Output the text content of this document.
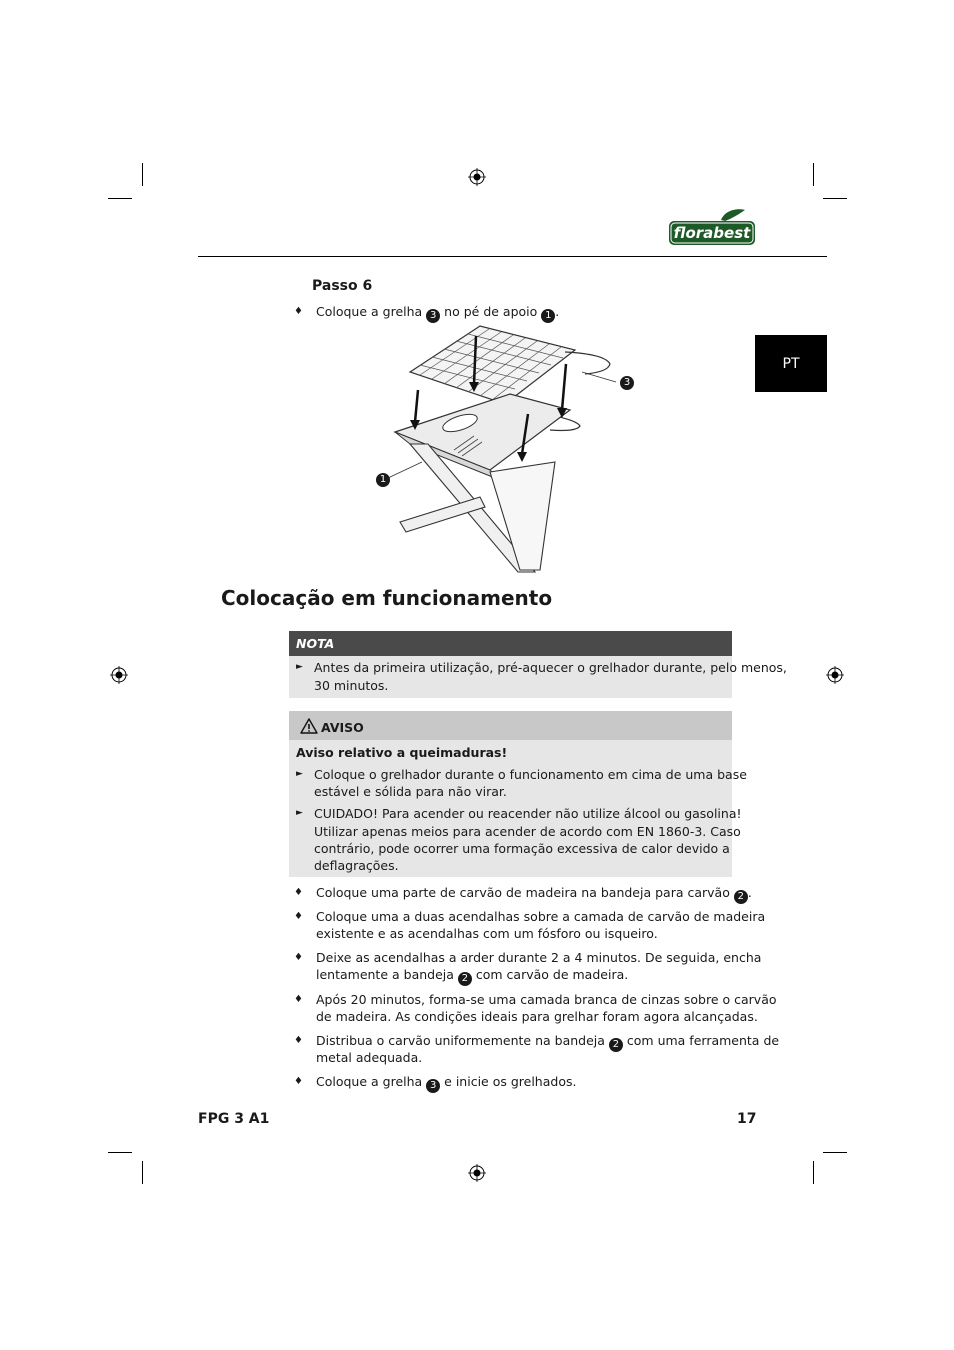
florabest
PT
Passo 6
♦ Coloque a grelha 3 no pé de apoio 1 .
3
1
Colocação em funcionamento
NOTA
► Antes da primeira utilização, pré-aquecer o grelhador durante, pelo menos,
30 minutos.
AVISO
Aviso relativo a queimaduras!
► Coloque o grelhador durante o funcionamento em cima de uma base
estável e sólida para não virar.
► CUIDADO! Para acender ou reacender não utilize álcool ou gasolina!
Utilizar apenas meios para acender de acordo com EN 1860-3. Caso
contrário, pode ocorrer uma formação excessiva de calor devido a
deflagrações.
♦ Coloque uma parte de carvão de madeira na bandeja para carvão 2 .
♦ Coloque uma a duas acendalhas sobre a camada de carvão de madeira
existente e as acendalhas com um fósforo ou isqueiro.
♦ Deixe as acendalhas a arder durante 2 a 4 minutos. De seguida, encha
lentamente a bandeja 2 com carvão de madeira.
♦ Após 20 minutos, forma-se uma camada branca de cinzas sobre o carvão
de madeira. As condições ideais para grelhar foram agora alcançadas.
♦ Distribua o carvão uniformemente na bandeja 2 com uma ferramenta de
metal adequada.
♦ Coloque a grelha 3 e inicie os grelhados.
FPG 3 A1	17
